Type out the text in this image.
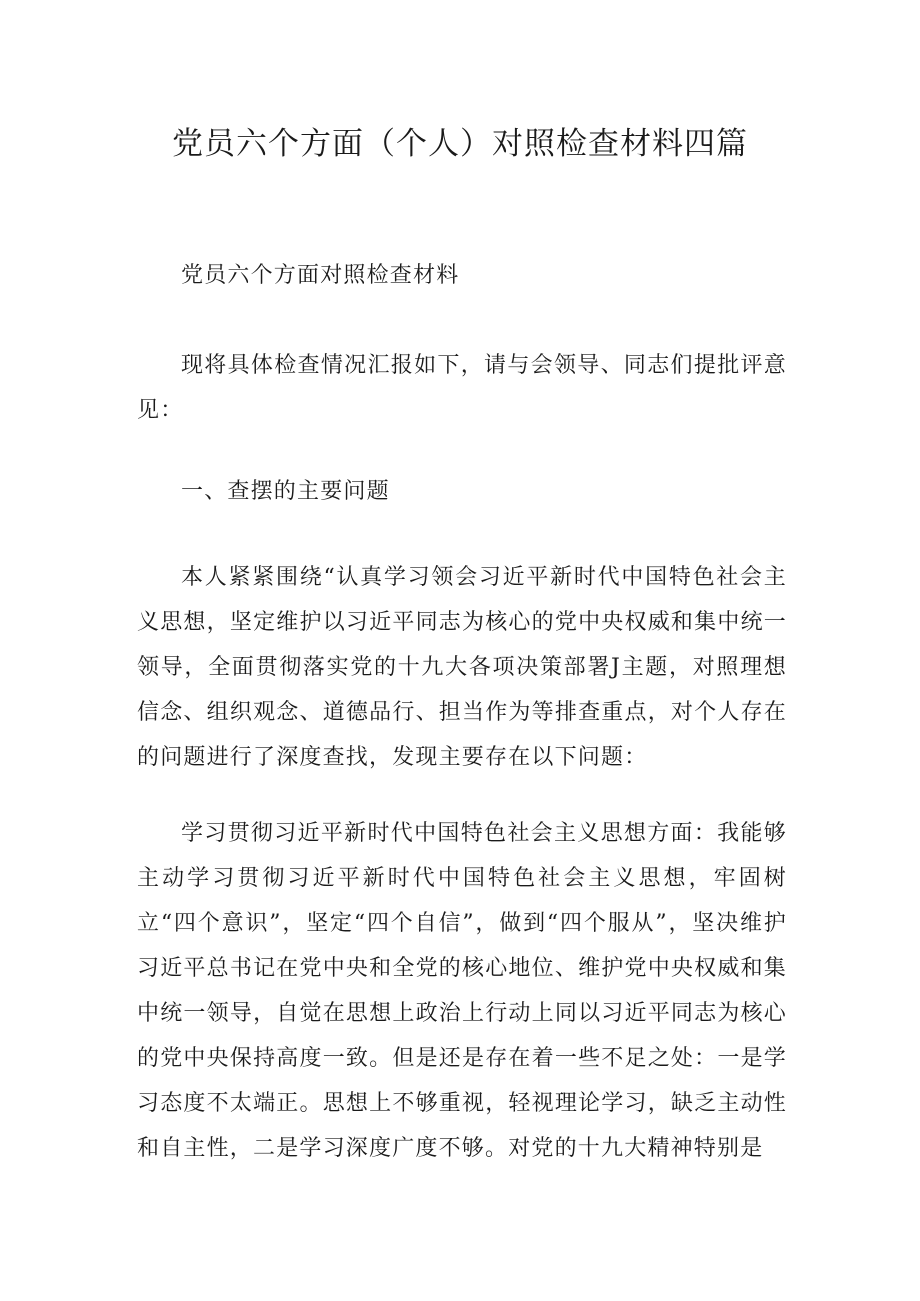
党员六个方面（个人）对照检查材料四篇

党员六个方面对照检查材料

现将具体检查情况汇报如下，请与会领导、同志们提批评意见：

一、查摆的主要问题

本人紧紧围绕“认真学习领会习近平新时代中国特色社会主义思想，坚定维护以习近平同志为核心的党中央权威和集中统一领导，全面贯彻落实党的十九大各项决策部署J主题，对照理想信念、组织观念、道德品行、担当作为等排查重点，对个人存在的问题进行了深度查找，发现主要存在以下问题：

学习贯彻习近平新时代中国特色社会主义思想方面：我能够主动学习贯彻习近平新时代中国特色社会主义思想，牢固树立“四个意识”，坚定“四个自信”，做到“四个服从”，坚决维护习近平总书记在党中央和全党的核心地位、维护党中央权威和集中统一领导，自觉在思想上政治上行动上同以习近平同志为核心的党中央保持高度一致。但是还是存在着一些不足之处：一是学习态度不太端正。思想上不够重视，轻视理论学习，缺乏主动性和自主性，二是学习深度广度不够。对党的十九大精神特别是
